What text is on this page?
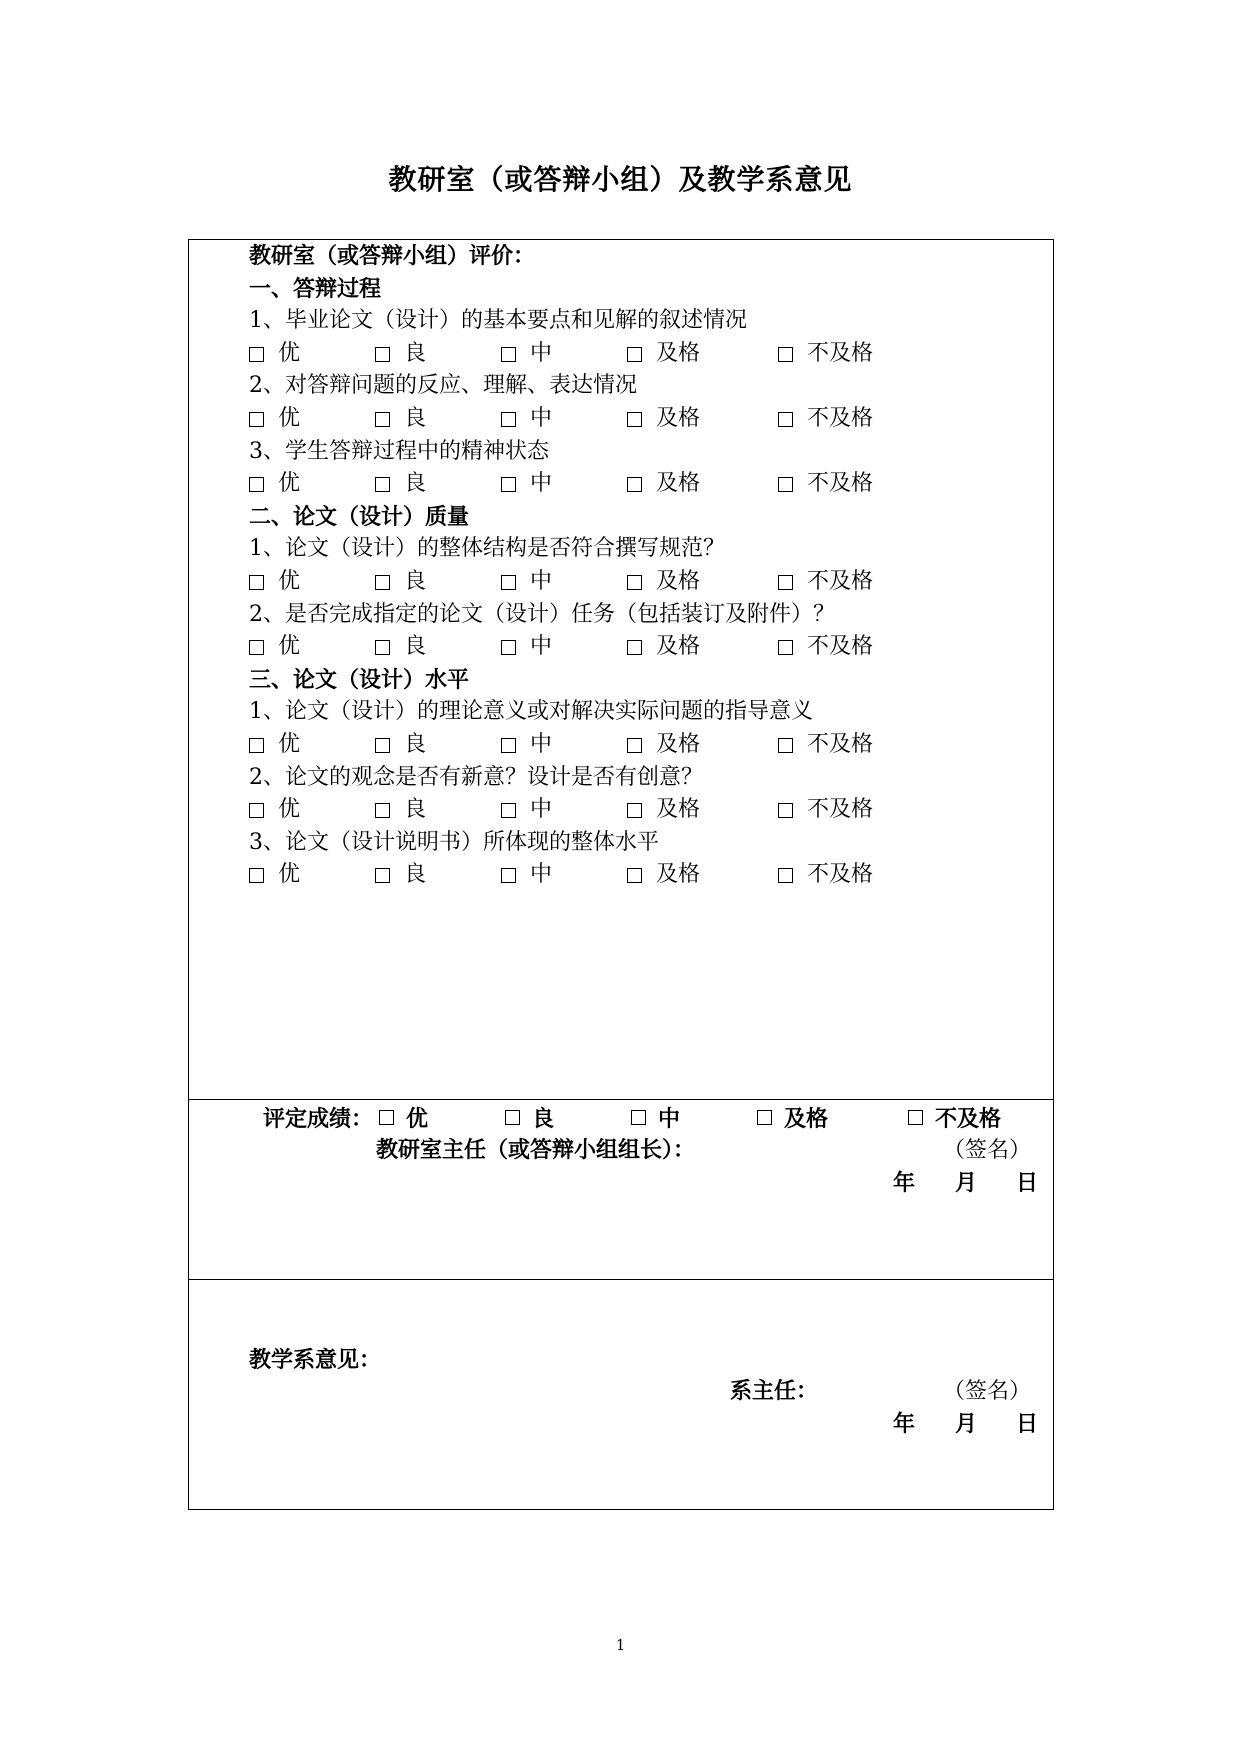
教研室（或答辩小组）及教学系意见
教研室（或答辩小组）评价：
一、答辩过程
1、毕业论文（设计）的基本要点和见解的叙述情况
优	良	中	及格	不及格
2、对答辩问题的反应、理解、表达情况
优	良	中	及格	不及格
3、学生答辩过程中的精神状态
优	良	中	及格	不及格
二、论文（设计）质量
1、论文（设计）的整体结构是否符合撰写规范？
优	良	中	及格	不及格
2、是否完成指定的论文（设计）任务（包括装订及附件）？
优	良	中	及格	不及格
三、论文（设计）水平
1、论文（设计）的理论意义或对解决实际问题的指导意义
优	良	中	及格	不及格
2、论文的观念是否有新意？设计是否有创意？
优	良	中	及格	不及格
3、论文（设计说明书）所体现的整体水平
优	良	中	及格	不及格
评定成绩： 优	良	中	及格	不及格
教研室主任（或答辩小组组长）：	（签名）
年 月 日
教学系意见：
系主任：	（签名）
年 月 日
1
